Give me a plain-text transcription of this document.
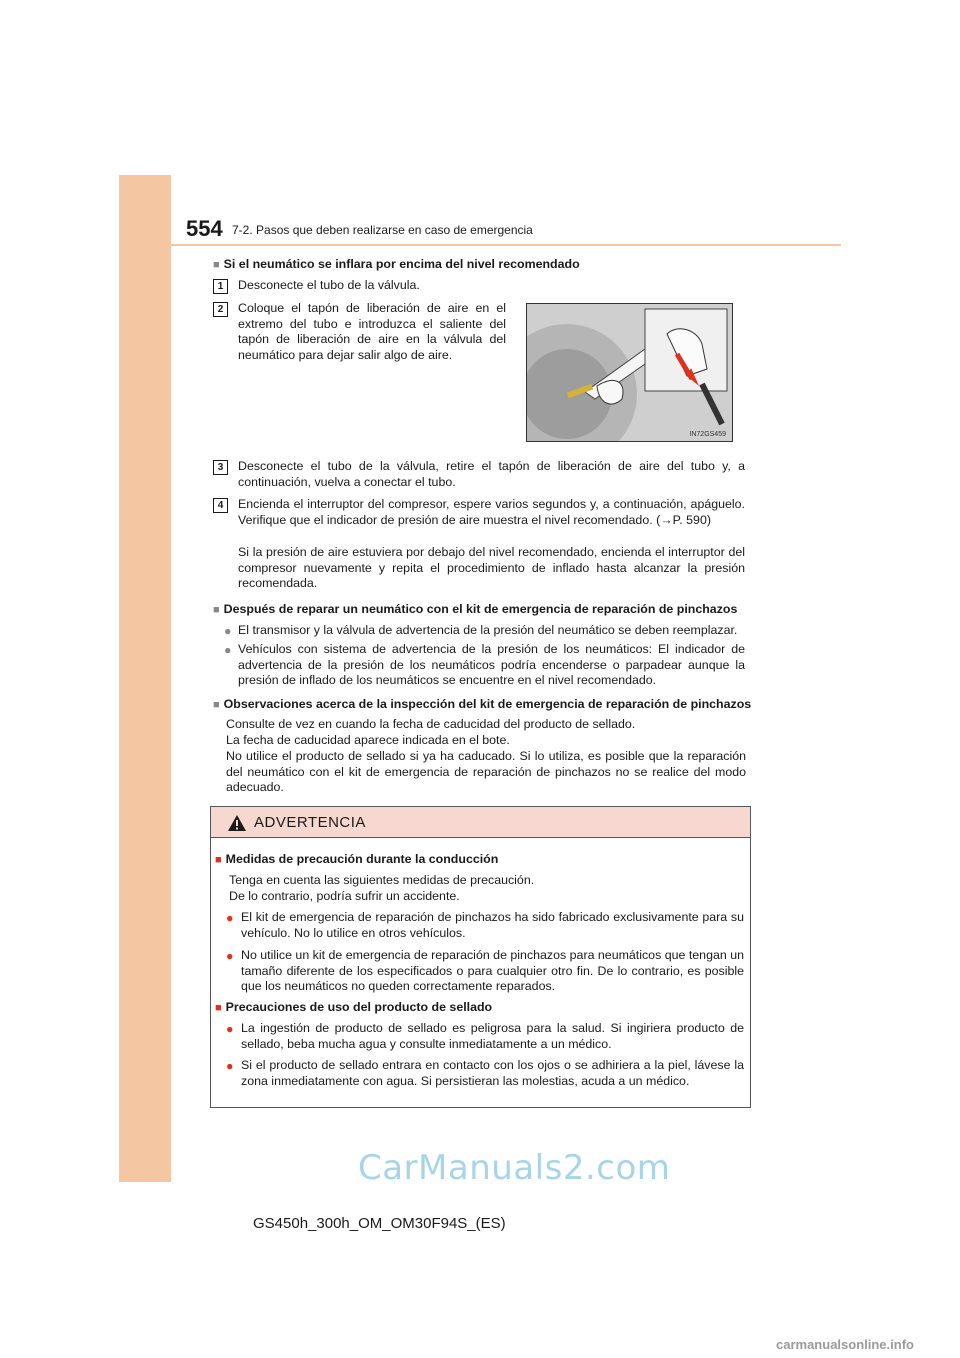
554 7-2. Pasos que deben realizarse en caso de emergencia
■ Si el neumático se inflara por encima del nivel recomendado
1	Desconecte el tubo de la válvula.
2	Coloque el tapón de liberación de aire en el extremo del tubo e introduzca el saliente del tapón de liberación de aire en la válvula del neumático para dejar salir algo de aire.
IN72GS459
3	Desconecte el tubo de la válvula, retire el tapón de liberación de aire del tubo y, a continuación, vuelva a conectar el tubo.
4	Encienda el interruptor del compresor, espere varios segundos y, a continuación, apáguelo. Verifique que el indicador de presión de aire muestra el nivel recomendado. (→P. 590)
Si la presión de aire estuviera por debajo del nivel recomendado, encienda el interruptor del compresor nuevamente y repita el procedimiento de inflado hasta alcanzar la presión recomendada.
■ Después de reparar un neumático con el kit de emergencia de reparación de pinchazos
● El transmisor y la válvula de advertencia de la presión del neumático se deben reemplazar.
● Vehículos con sistema de advertencia de la presión de los neumáticos: El indicador de advertencia de la presión de los neumáticos podría encenderse o parpadear aunque la presión de inflado de los neumáticos se encuentre en el nivel recomendado.
■ Observaciones acerca de la inspección del kit de emergencia de reparación de pinchazos
Consulte de vez en cuando la fecha de caducidad del producto de sellado.
La fecha de caducidad aparece indicada en el bote.
No utilice el producto de sellado si ya ha caducado. Si lo utiliza, es posible que la reparación del neumático con el kit de emergencia de reparación de pinchazos no se realice del modo adecuado.
ADVERTENCIA
■ Medidas de precaución durante la conducción
Tenga en cuenta las siguientes medidas de precaución.
De lo contrario, podría sufrir un accidente.
● El kit de emergencia de reparación de pinchazos ha sido fabricado exclusivamente para su vehículo. No lo utilice en otros vehículos.
● No utilice un kit de emergencia de reparación de pinchazos para neumáticos que tengan un tamaño diferente de los especificados o para cualquier otro fin. De lo contrario, es posible que los neumáticos no queden correctamente reparados.
■ Precauciones de uso del producto de sellado
● La ingestión de producto de sellado es peligrosa para la salud. Si ingiriera producto de sellado, beba mucha agua y consulte inmediatamente a un médico.
● Si el producto de sellado entrara en contacto con los ojos o se adhiriera a la piel, lávese la zona inmediatamente con agua. Si persistieran las molestias, acuda a un médico.
CarManuals2.com
GS450h_300h_OM_OM30F94S_(ES)
carmanualsonline.info
